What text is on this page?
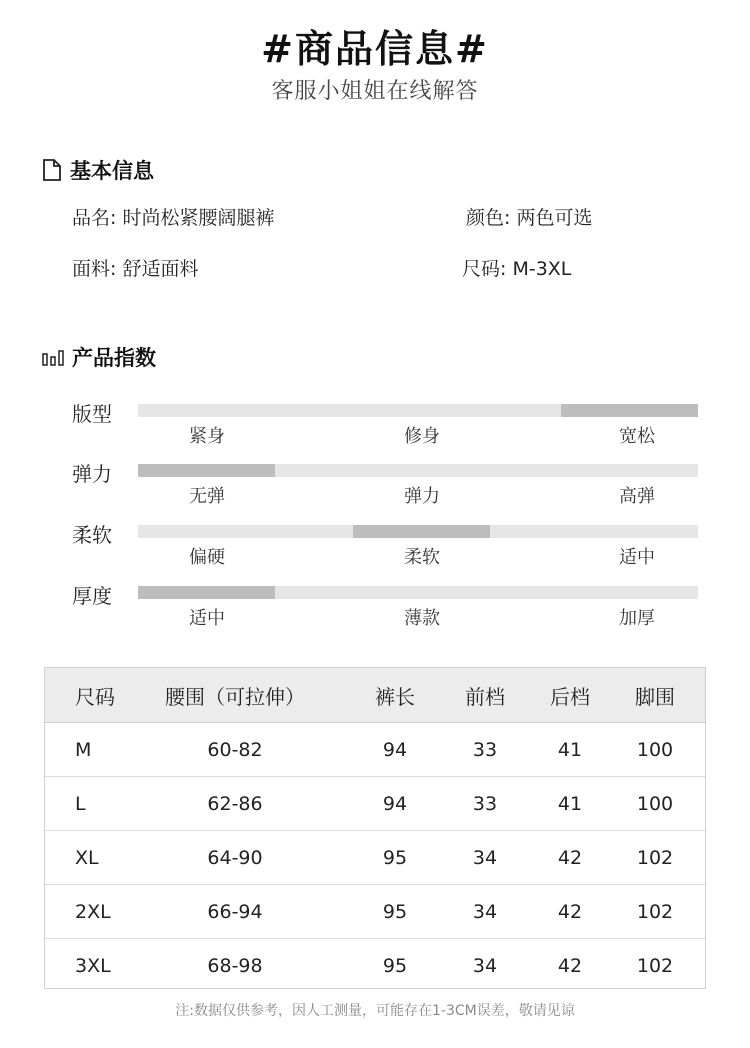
#商品信息#
客服小姐姐在线解答
基本信息
品名: 时尚松紧腰阔腿裤	颜色: 两色可选
面料: 舒适面料	尺码: M-3XL
产品指数
版型
紧身	修身	宽松
弹力
无弹	弹力	高弹
柔软
偏硬	柔软	适中
厚度
适中	薄款	加厚
尺码	腰围（可拉伸）	裤长	前档	后档	脚围
M	60-82	94	33	41	100
L	62-86	94	33	41	100
XL	64-90	95	34	42	102
2XL	66-94	95	34	42	102
3XL	68-98	95	34	42	102
注:数据仅供参考，因人工测量，可能存在1-3CM误差，敬请见谅
